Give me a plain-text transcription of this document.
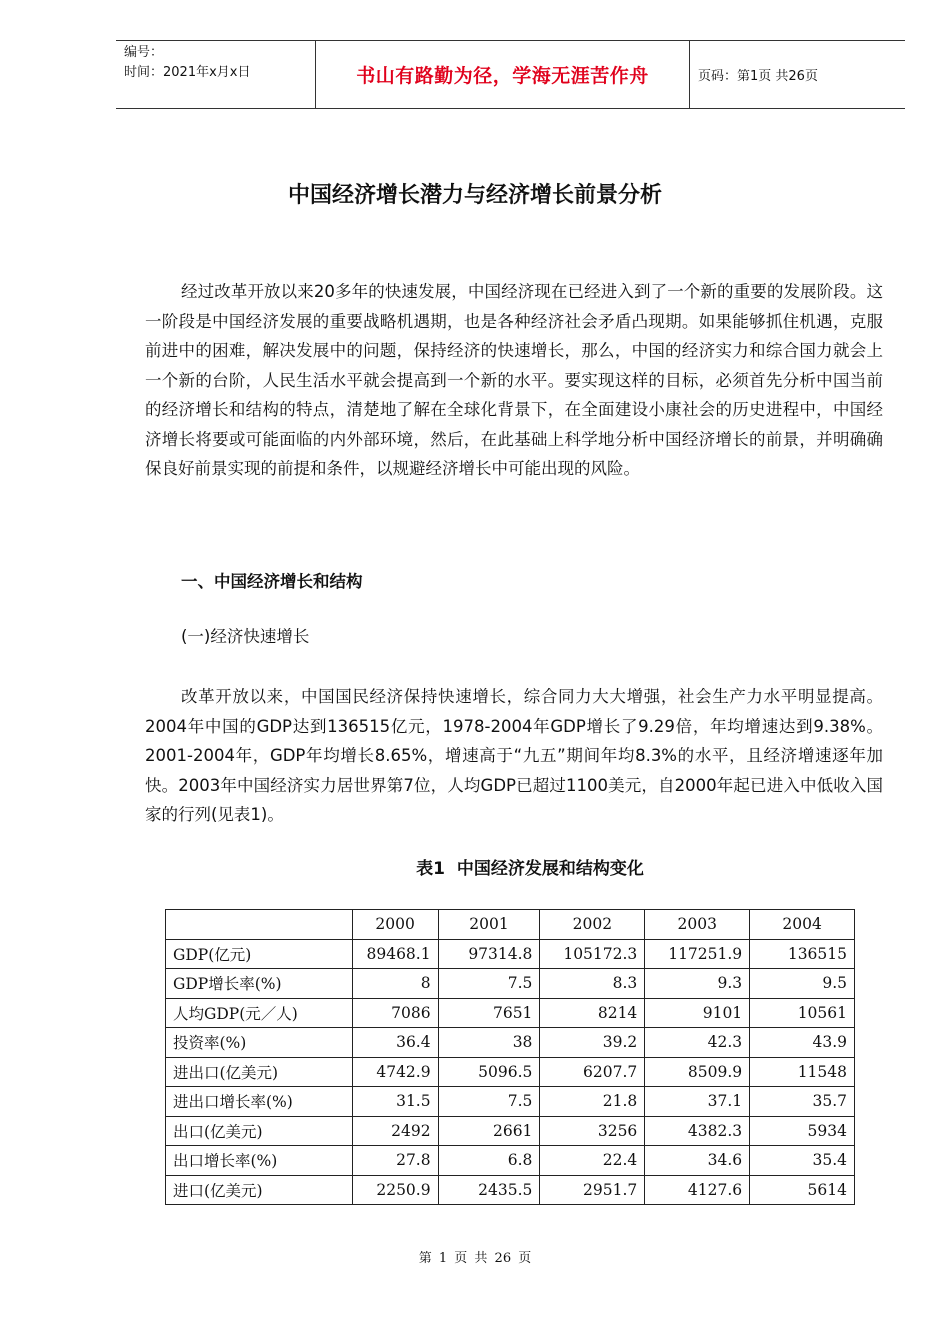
编号：
时间：2021年x月x日	书山有路勤为径，学海无涯苦作舟	页码：第1页 共26页
中国经济增长潜力与经济增长前景分析

经过改革开放以来20多年的快速发展，中国经济现在已经进入到了一个新的重要的发展阶段。这一阶段是中国经济发展的重要战略机遇期，也是各种经济社会矛盾凸现期。如果能够抓住机遇，克服前进中的困难，解决发展中的问题，保持经济的快速增长，那么，中国的经济实力和综合国力就会上一个新的台阶，人民生活水平就会提高到一个新的水平。要实现这样的目标，必须首先分析中国当前的经济增长和结构的特点，清楚地了解在全球化背景下，在全面建设小康社会的历史进程中，中国经济增长将要或可能面临的内外部环境，然后，在此基础上科学地分析中国经济增长的前景，并明确确保良好前景实现的前提和条件，以规避经济增长中可能出现的风险。

一、中国经济增长和结构
(一)经济快速增长

改革开放以来，中国国民经济保持快速增长，综合同力大大增强，社会生产力水平明显提高。2004年中国的GDP达到136515亿元，1978-2004年GDP增长了9.29倍，年均增速达到9.38%。2001-2004年，GDP年均增长8.65%，增速高于“九五”期间年均8.3%的水平，且经济增速逐年加快。2003年中国经济实力居世界第7位，人均GDP已超过1100美元，自2000年起已进入中低收入国家的行列(见表1)。

表1 中国经济发展和结构变化
	2000	2001	2002	2003	2004
GDP(亿元)	89468.1	97314.8	105172.3	117251.9	136515
GDP增长率(%)	8	7.5	8.3	9.3	9.5
人均GDP(元／人)	7086	7651	8214	9101	10561
投资率(%)	36.4	38	39.2	42.3	43.9
进出口(亿美元)	4742.9	5096.5	6207.7	8509.9	11548
进出口增长率(%)	31.5	7.5	21.8	37.1	35.7
出口(亿美元)	2492	2661	3256	4382.3	5934
出口增长率(%)	27.8	6.8	22.4	34.6	35.4
进口(亿美元)	2250.9	2435.5	2951.7	4127.6	5614
第 1 页 共 26 页
